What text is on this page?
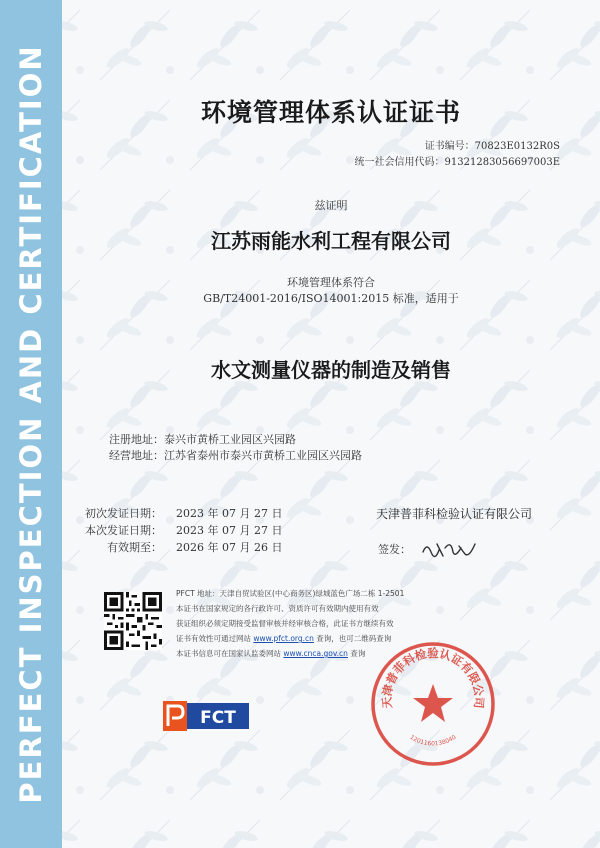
PERFECT INSPECTION AND CERTIFICATION	环境管理体系认证证书
证书编号：70823E0132R0S
统一社会信用代码：91321283056697003E
兹证明
江苏雨能水利工程有限公司
环境管理体系符合
GB/T24001-2016/ISO14001:2015 标准，适用于
水文测量仪器的制造及销售
注册地址：泰兴市黄桥工业园区兴园路
经营地址：江苏省泰州市泰兴市黄桥工业园区兴园路
初次发证日期： 2023 年 07 月 27 日
本次发证日期： 2023 年 07 月 27 日
有效期至： 2026 年 07 月 26 日
天津普菲科检验认证有限公司
签发：
PFCT 地址：天津自贸试验区(中心商务区)绿城蓝色广场二栋 1-2501
本证书在国家规定的各行政许可、资质许可有效期内使用有效
获证组织必须定期接受监督审核并经审核合格，此证书方继续有效
证书有效性可通过网站 www.pfct.org.cn 查询，也可二维码查询
本证书信息可在国家认监委网站 www.cnca.gov.cn 查询
FCT
天津普菲科检验认证有限公司
1201160138040
